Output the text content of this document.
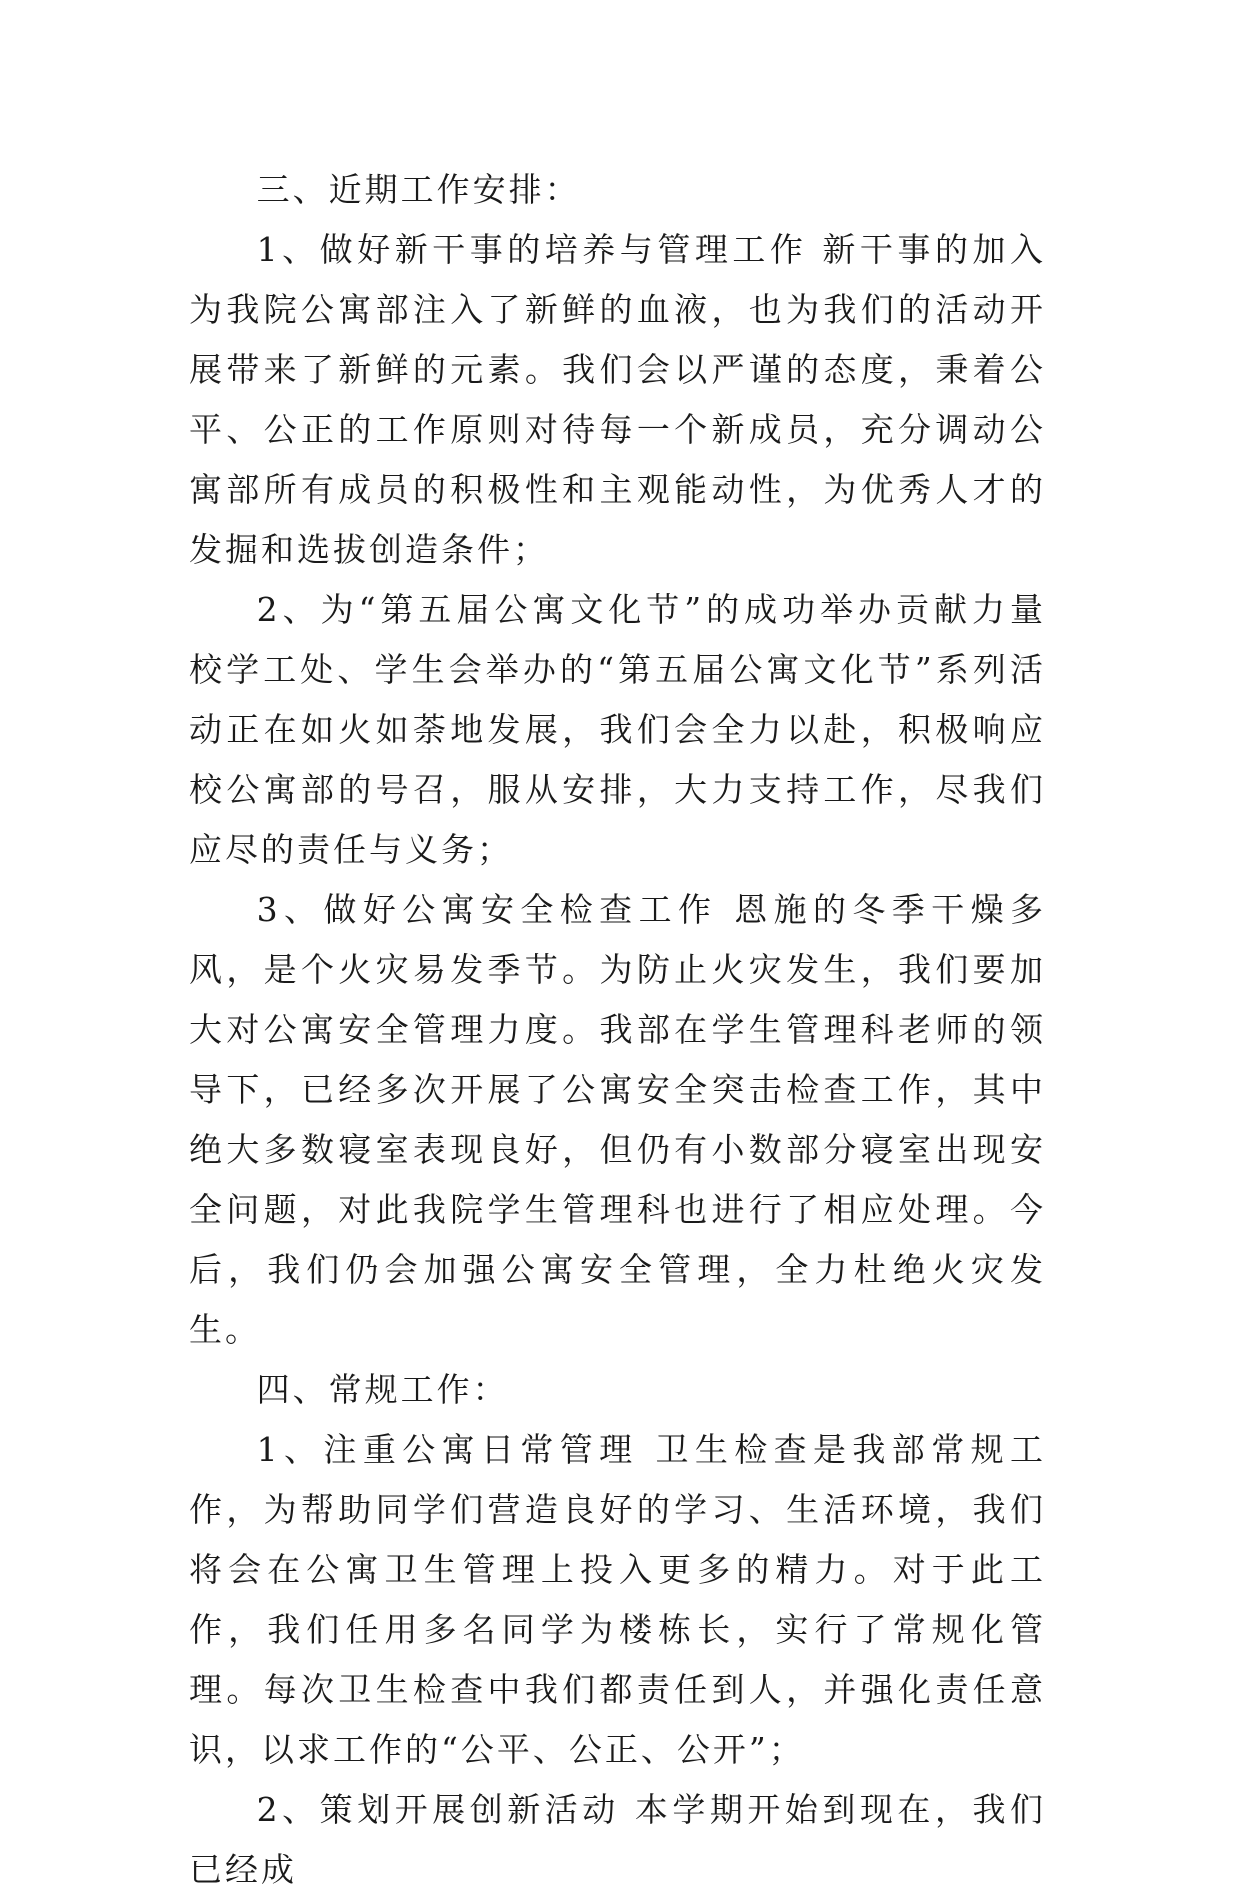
三、近期工作安排：

1、做好新干事的培养与管理工作 新干事的加入为我院公寓部注入了新鲜的血液，也为我们的活动开展带来了新鲜的元素。我们会以严谨的态度，秉着公平、公正的工作原则对待每一个新成员，充分调动公寓部所有成员的积极性和主观能动性，为优秀人才的发掘和选拔创造条件；

2、为“第五届公寓文化节”的成功举办贡献力量 校学工处、学生会举办的“第五届公寓文化节”系列活动正在如火如荼地发展，我们会全力以赴，积极响应校公寓部的号召，服从安排，大力支持工作，尽我们应尽的责任与义务；

3、做好公寓安全检查工作 恩施的冬季干燥多风，是个火灾易发季节。为防止火灾发生，我们要加大对公寓安全管理力度。我部在学生管理科老师的领导下，已经多次开展了公寓安全突击检查工作，其中绝大多数寝室表现良好，但仍有小数部分寝室出现安全问题，对此我院学生管理科也进行了相应处理。今后，我们仍会加强公寓安全管理，全力杜绝火灾发生。

四、常规工作：

1、注重公寓日常管理 卫生检查是我部常规工作，为帮助同学们营造良好的学习、生活环境，我们将会在公寓卫生管理上投入更多的精力。对于此工作，我们任用多名同学为楼栋长，实行了常规化管理。每次卫生检查中我们都责任到人，并强化责任意识，以求工作的“公平、公正、公开”；

2、策划开展创新活动 本学期开始到现在，我们已经成
